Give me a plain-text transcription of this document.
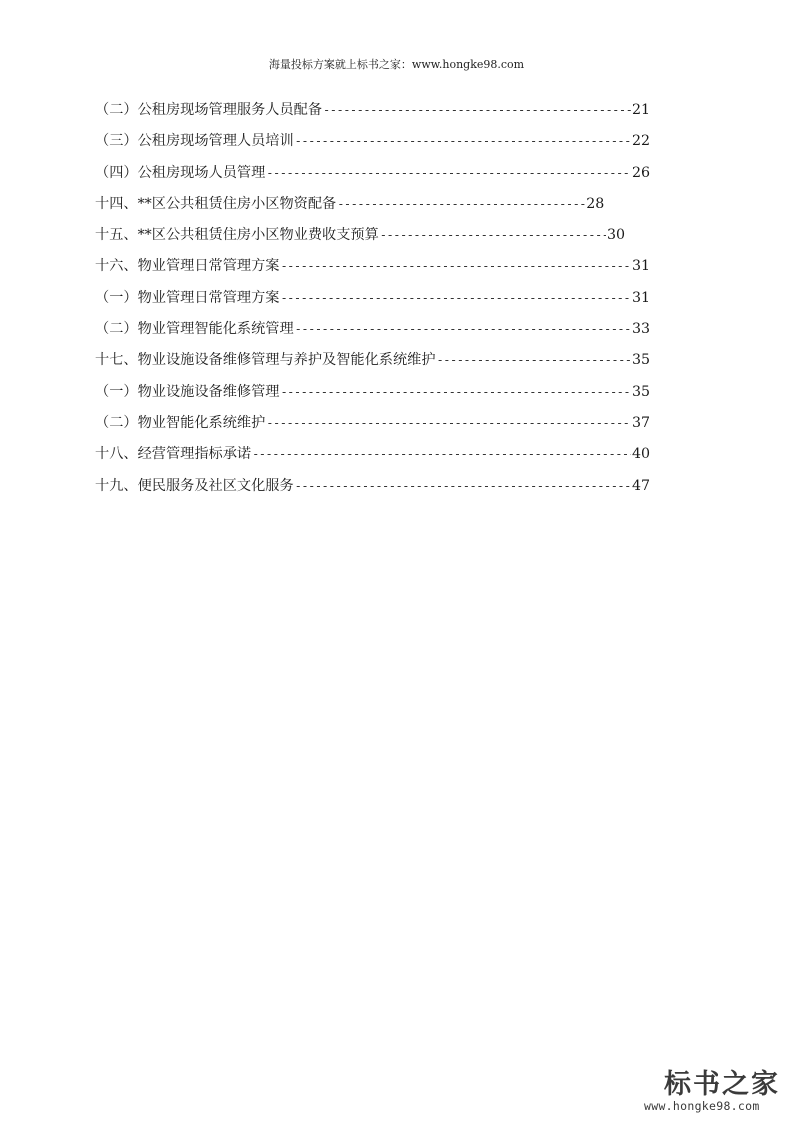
海量投标方案就上标书之家：www.hongke98.com
（二）公租房现场管理服务人员配备 -----	21
（三）公租房现场管理人员培训 -----	22
（四）公租房现场人员管理 -----	26
十四、**区公共租赁住房小区物资配备 -----	28
十五、**区公共租赁住房小区物业费收支预算 -----	30
十六、物业管理日常管理方案 -----	31
（一）物业管理日常管理方案 -----	31
（二）物业管理智能化系统管理 -----	33
十七、物业设施设备维修管理与养护及智能化系统维护 -----	35
（一）物业设施设备维修管理 -----	35
（二）物业智能化系统维护 -----	37
十八、经营管理指标承诺 -----	40
十九、便民服务及社区文化服务 -----	47
标书之家
www.hongke98.com
